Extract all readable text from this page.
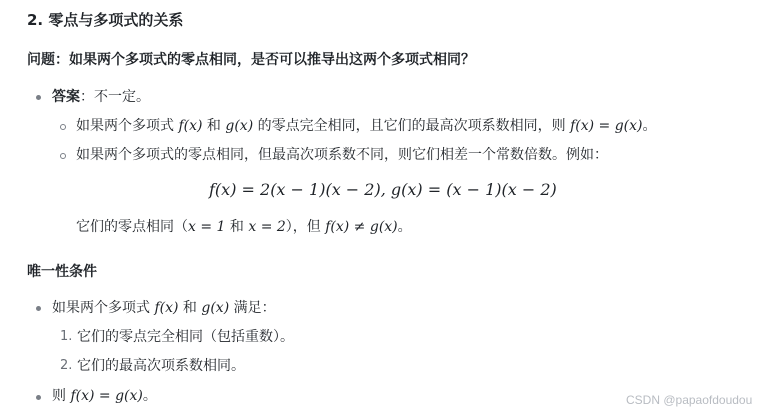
2. 零点与多项式的关系
问题：如果两个多项式的零点相同，是否可以推导出这两个多项式相同？
答案：不一定。
如果两个多项式 f(x) 和 g(x) 的零点完全相同，且它们的最高次项系数相同，则 f(x) = g(x)。
如果两个多项式的零点相同，但最高次项系数不同，则它们相差一个常数倍数。例如：
f(x) = 2(x − 1)(x − 2), g(x) = (x − 1)(x − 2)
它们的零点相同（x = 1 和 x = 2），但 f(x) ≠ g(x)。
唯一性条件
如果两个多项式 f(x) 和 g(x) 满足：
1. 它们的零点完全相同（包括重数）。
2. 它们的最高次项系数相同。
则 f(x) = g(x)。	CSDN @papaofdoudou
